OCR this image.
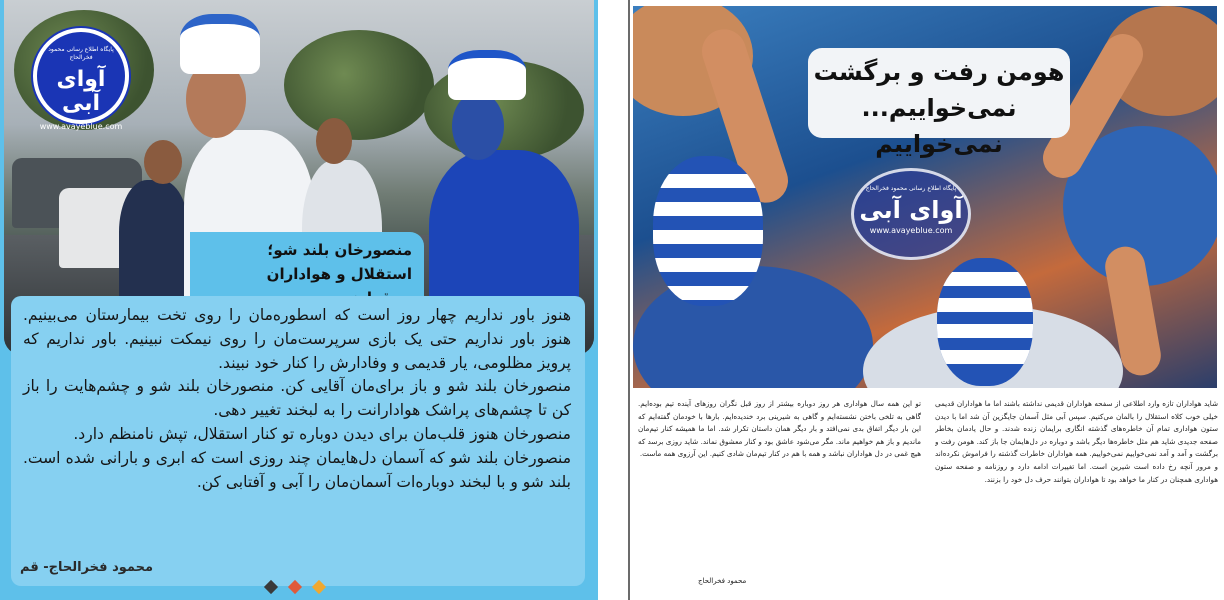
پایگاه اطلاع رسانی محمود فخرالحاج
آوای آبی
www.avayeblue.com
منصورخان بلند شو؛
استقلال و هواداران

هنوز باور نداریم چهار روز است که اسطوره‌مان را روی تخت بیمارستان می‌بینیم. هنوز باور نداریم حتی یک بازی سرپرست‌مان را روی نیمکت نبینیم. باور نداریم که پرویز مظلومی، یار قدیمی و وفادارش را کنار خود نبیند.

منصورخان بلند شو و باز برای‌مان آقایی کن. منصورخان بلند شو و چشم‌هایت را باز کن تا چشم‌های پراشک هوادارانت را به لبخند تغییر دهی.

منصورخان هنوز قلب‌مان برای دیدن دوباره تو کنار استقلال، تپش نامنظم دارد.

منصورخان بلند شو که آسمان دل‌هایمان چند روزی است که ابری و بارانی شده است. بلند شو و با لبخند دوباره‌ات آسمان‌مان را آبی و آفتابی کن.

محمود فخرالحاج- قم
هومن رفت و برگشت
نمی‌خواییم... نمی‌خواییم
پایگاه اطلاع رسانی محمود فخرالحاج
آوای آبی
www.avayeblue.com
شاید هواداران تازه وارد اطلاعی از سفحه هواداران قدیمی نداشته باشند اما ما هواداران قدیمی خیلی خوب کلاه استقلال را بالمان می‌کنیم. سپس آبی مثل آسمان جایگزین آن شد اما با دیدن ستون هواداری تمام آن خاطره‌های گذشته انگاری برایمان زنده شدند. و حال یادمان بخاطر صفحه جدیدی شاید هم مثل خاطره‌ها دیگر باشد و دوباره در دل‌هایمان جا باز کند. هومن رفت و برگشت و آمد و آمد نمی‌خواییم نمی‌خواییم. همه هواداران خاطرات گذشته را فراموش نکرده‌اند و مرور آنچه رخ داده است شیرین است. اما تغییرات ادامه دارد و روزنامه و صفحه ستون هواداری همچنان در کنار ما خواهد بود تا هواداران بتوانند حرف دل خود را بزنند.
تو این همه سال هواداری هر روز دوباره بیشتر از روز قبل نگران روزهای آینده تیم بوده‌ایم. گاهی به تلخی باختن نشسته‌ایم و گاهی به شیرینی برد خندیده‌ایم. بارها با خودمان گفته‌ایم که این بار دیگر اتفاق بدی نمی‌افتد و بار دیگر همان داستان تکرار شد. اما ما همیشه کنار تیم‌مان ماندیم و باز هم خواهیم ماند. مگر می‌شود عاشق بود و کنار معشوق نماند. شاید روزی برسد که هیچ غمی در دل هواداران نباشد و همه با هم در کنار تیم‌مان شادی کنیم. این آرزوی همه ماست.
محمود فخرالحاج
